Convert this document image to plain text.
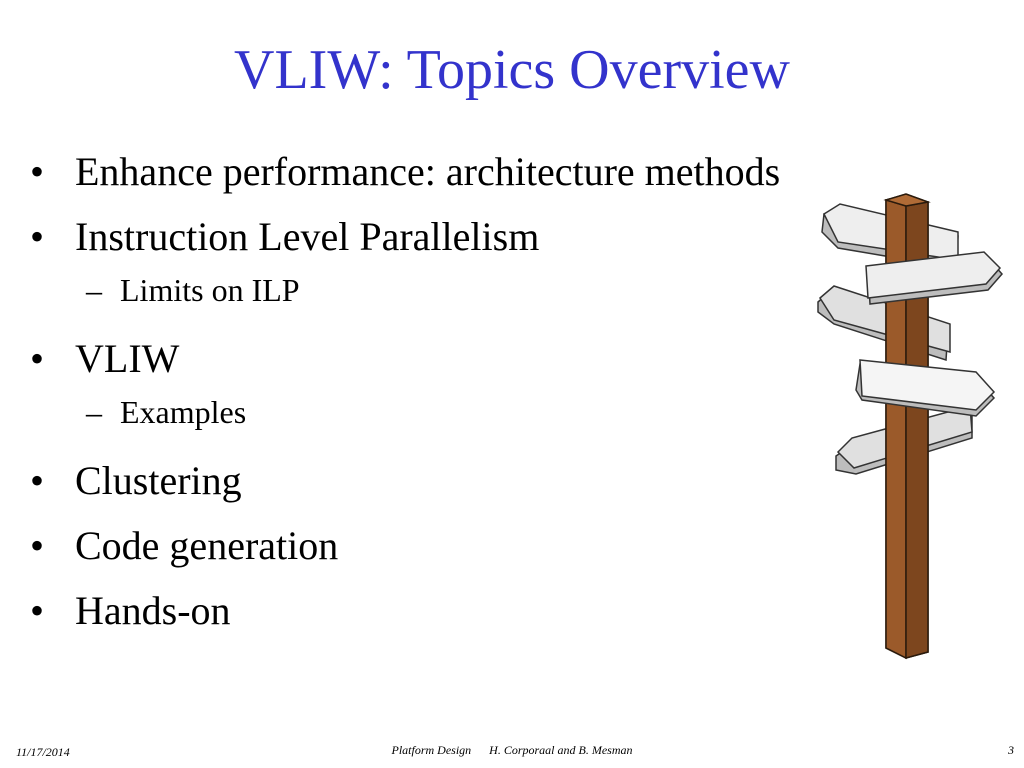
VLIW: Topics Overview
• Enhance performance: architecture methods
• Instruction Level Parallelism
– Limits on ILP
• VLIW
– Examples
• Clustering
• Code generation
• Hands-on
11/17/2014	Platform Design H. Corporaal and B. Mesman	3
